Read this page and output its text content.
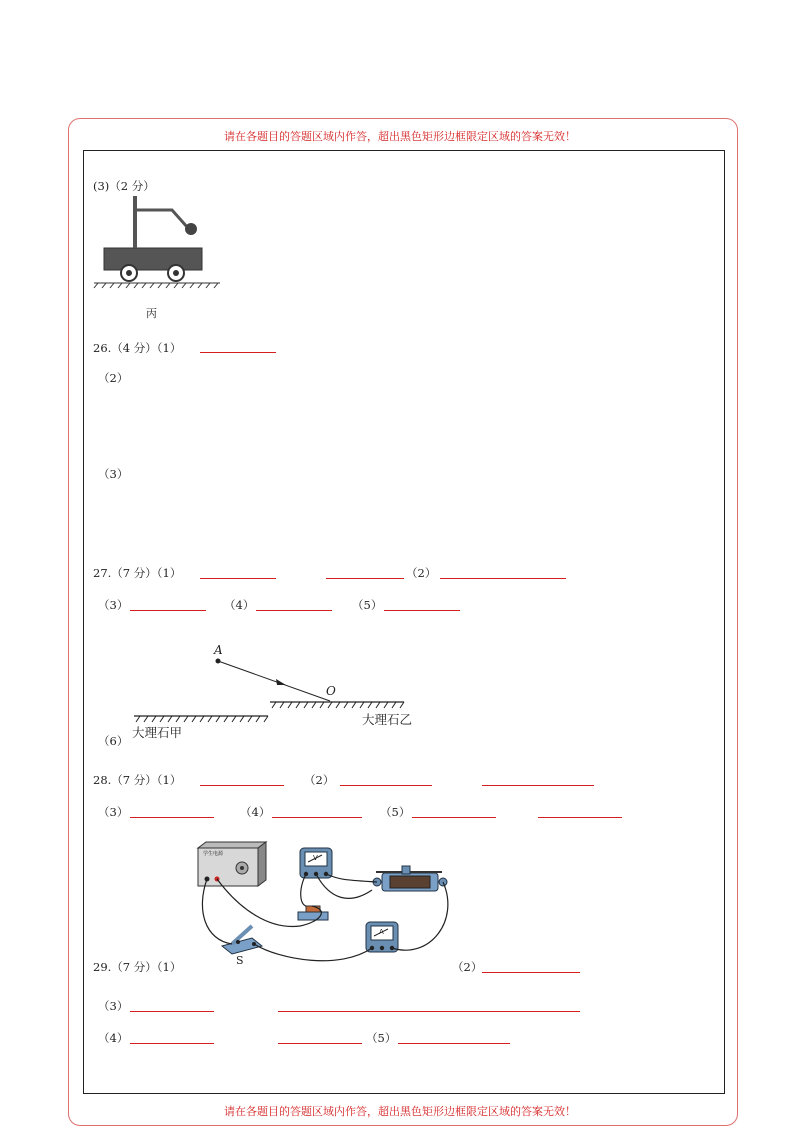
请在各题目的答题区域内作答，超出黑色矩形边框限定区域的答案无效！
请在各题目的答题区域内作答，超出黑色矩形边框限定区域的答案无效！
(3)（2 分）
丙
26.（4 分）（1）
（2）
（3）
27.（7 分）（1）	（2）
（3）	（4）	（5）
A
O
大理石乙
大理石甲
（6）
28.（7 分）（1）	（2）
（3）	（4）	（5）
学生电源	V
A
S
29.（7 分）（1）	（2）
（3）
（4）	（5）
